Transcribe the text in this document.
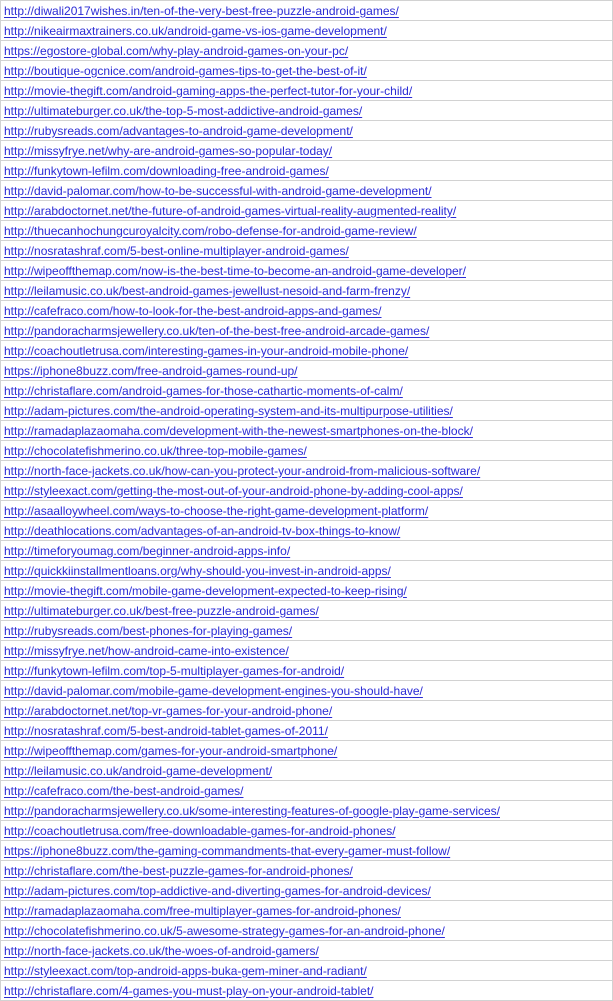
http://diwali2017wishes.in/ten-of-the-very-best-free-puzzle-android-games/
http://nikeairmaxtrainers.co.uk/android-game-vs-ios-game-development/
https://egostore-global.com/why-play-android-games-on-your-pc/
http://boutique-ogcnice.com/android-games-tips-to-get-the-best-of-it/
http://movie-thegift.com/android-gaming-apps-the-perfect-tutor-for-your-child/
http://ultimateburger.co.uk/the-top-5-most-addictive-android-games/
http://rubysreads.com/advantages-to-android-game-development/
http://missyfrye.net/why-are-android-games-so-popular-today/
http://funkytown-lefilm.com/downloading-free-android-games/
http://david-palomar.com/how-to-be-successful-with-android-game-development/
http://arabdoctornet.net/the-future-of-android-games-virtual-reality-augmented-reality/
http://thuecanhochungcuroyalcity.com/robo-defense-for-android-game-review/
http://nosratashraf.com/5-best-online-multiplayer-android-games/
http://wipeoffthemap.com/now-is-the-best-time-to-become-an-android-game-developer/
http://leilamusic.co.uk/best-android-games-jewellust-nesoid-and-farm-frenzy/
http://cafefraco.com/how-to-look-for-the-best-android-apps-and-games/
http://pandoracharmsjewellery.co.uk/ten-of-the-best-free-android-arcade-games/
http://coachoutletrusa.com/interesting-games-in-your-android-mobile-phone/
https://iphone8buzz.com/free-android-games-round-up/
http://christaflare.com/android-games-for-those-cathartic-moments-of-calm/
http://adam-pictures.com/the-android-operating-system-and-its-multipurpose-utilities/
http://ramadaplazaomaha.com/development-with-the-newest-smartphones-on-the-block/
http://chocolatefishmerino.co.uk/three-top-mobile-games/
http://north-face-jackets.co.uk/how-can-you-protect-your-android-from-malicious-software/
http://styleexact.com/getting-the-most-out-of-your-android-phone-by-adding-cool-apps/
http://asaalloywheel.com/ways-to-choose-the-right-game-development-platform/
http://deathlocations.com/advantages-of-an-android-tv-box-things-to-know/
http://timeforyoumag.com/beginner-android-apps-info/
http://quickkiinstallmentloans.org/why-should-you-invest-in-android-apps/
http://movie-thegift.com/mobile-game-development-expected-to-keep-rising/
http://ultimateburger.co.uk/best-free-puzzle-android-games/
http://rubysreads.com/best-phones-for-playing-games/
http://missyfrye.net/how-android-came-into-existence/
http://funkytown-lefilm.com/top-5-multiplayer-games-for-android/
http://david-palomar.com/mobile-game-development-engines-you-should-have/
http://arabdoctornet.net/top-vr-games-for-your-android-phone/
http://nosratashraf.com/5-best-android-tablet-games-of-2011/
http://wipeoffthemap.com/games-for-your-android-smartphone/
http://leilamusic.co.uk/android-game-development/
http://cafefraco.com/the-best-android-games/
http://pandoracharmsjewellery.co.uk/some-interesting-features-of-google-play-game-services/
http://coachoutletrusa.com/free-downloadable-games-for-android-phones/
https://iphone8buzz.com/the-gaming-commandments-that-every-gamer-must-follow/
http://christaflare.com/the-best-puzzle-games-for-android-phones/
http://adam-pictures.com/top-addictive-and-diverting-games-for-android-devices/
http://ramadaplazaomaha.com/free-multiplayer-games-for-android-phones/
http://chocolatefishmerino.co.uk/5-awesome-strategy-games-for-an-android-phone/
http://north-face-jackets.co.uk/the-woes-of-android-gamers/
http://styleexact.com/top-android-apps-buka-gem-miner-and-radiant/
http://christaflare.com/4-games-you-must-play-on-your-android-tablet/
